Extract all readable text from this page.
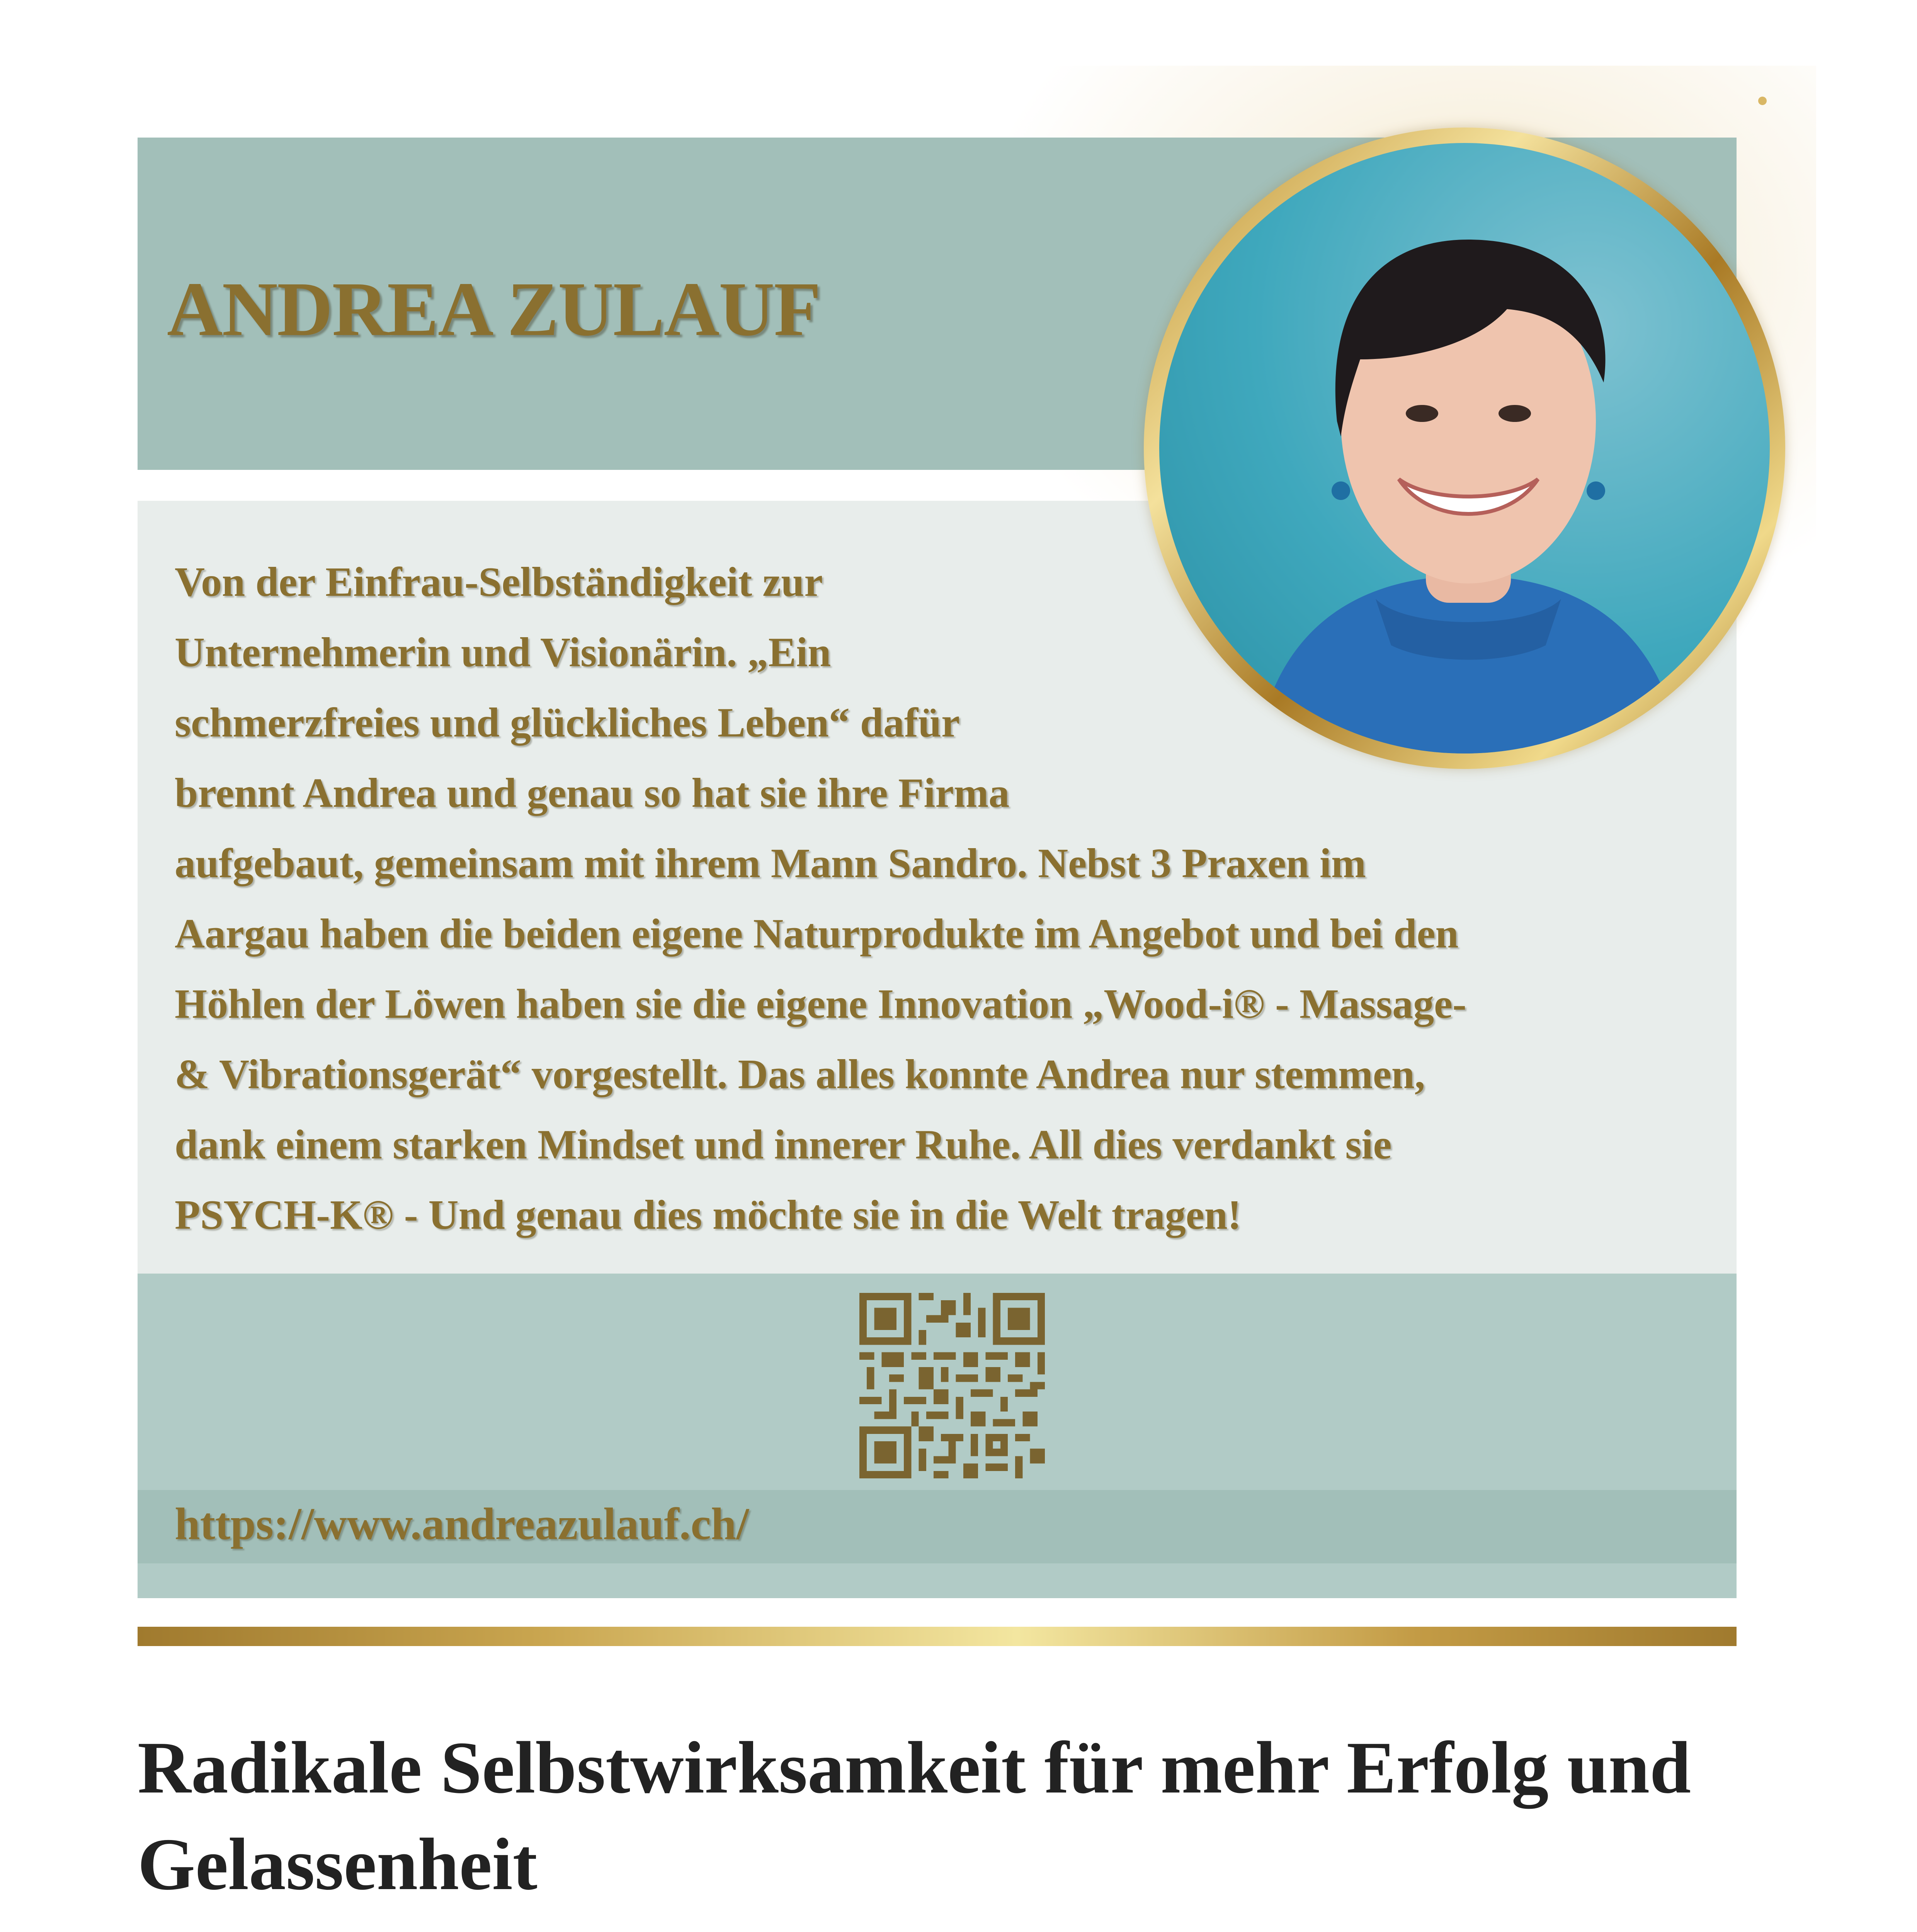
ANDREA ZULAUF
Von der Einfrau-Selbständigkeit zur
Unternehmerin und Visionärin. „Ein
schmerzfreies und glückliches Leben“ dafür
brennt Andrea und genau so hat sie ihre Firma
aufgebaut, gemeinsam mit ihrem Mann Sandro. Nebst 3 Praxen im
Aargau haben die beiden eigene Naturprodukte im Angebot und bei den
Höhlen der Löwen haben sie die eigene Innovation „Wood-i® - Massage-
& Vibrationsgerät“ vorgestellt. Das alles konnte Andrea nur stemmen,
dank einem starken Mindset und innerer Ruhe. All dies verdankt sie
PSYCH-K® - Und genau dies möchte sie in die Welt tragen!
https://www.andreazulauf.ch/
Radikale Selbstwirksamkeit für mehr Erfolg und Gelassenheit
